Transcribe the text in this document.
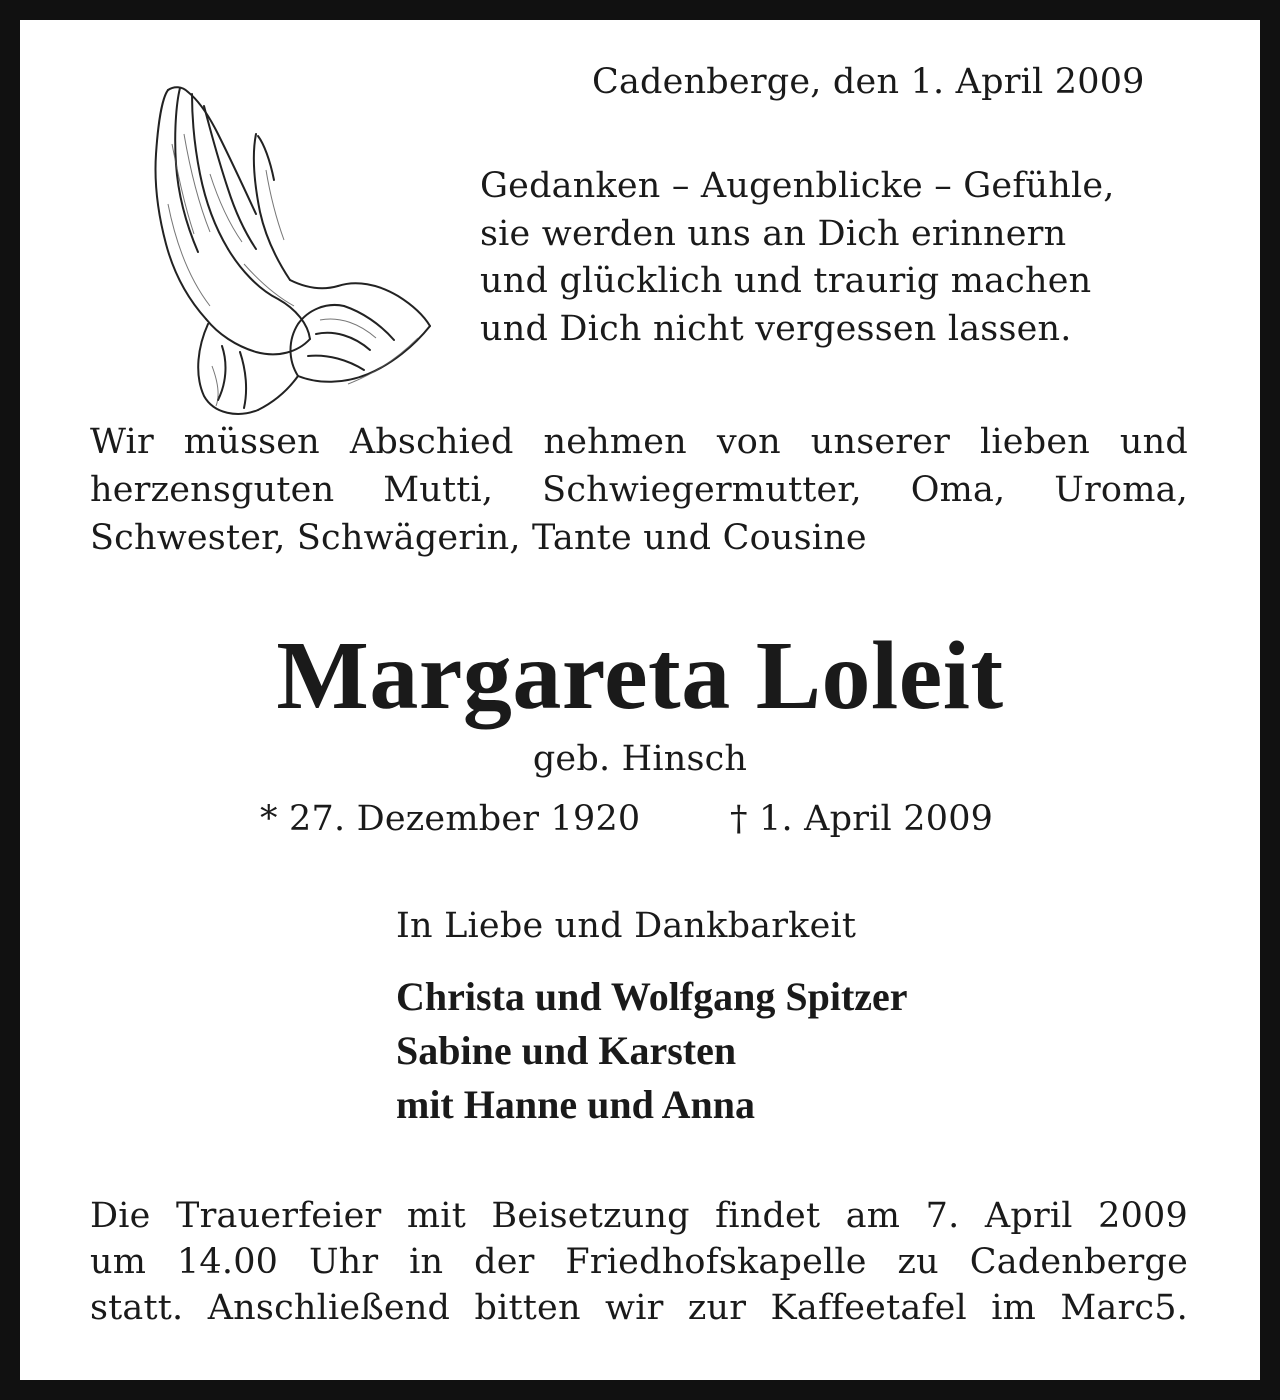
Cadenberge, den 1. April 2009
Gedanken – Augenblicke – Gefühle,
sie werden uns an Dich erinnern
und glücklich und traurig machen
und Dich nicht vergessen lassen.
Wir müssen Abschied nehmen von unserer lieben und
herzensguten Mutti, Schwiegermutter, Oma, Uroma,
Schwester, Schwägerin, Tante und Cousine
Margareta Loleit
geb. Hinsch
* 27. Dezember 1920	† 1. April 2009
In Liebe und Dankbarkeit
Christa und Wolfgang Spitzer
Sabine und Karsten
mit Hanne und Anna
Die Trauerfeier mit Beisetzung findet am 7. April 2009
um 14.00 Uhr in der Friedhofskapelle zu Cadenberge
statt. Anschließend bitten wir zur Kaffeetafel im Marc5.
